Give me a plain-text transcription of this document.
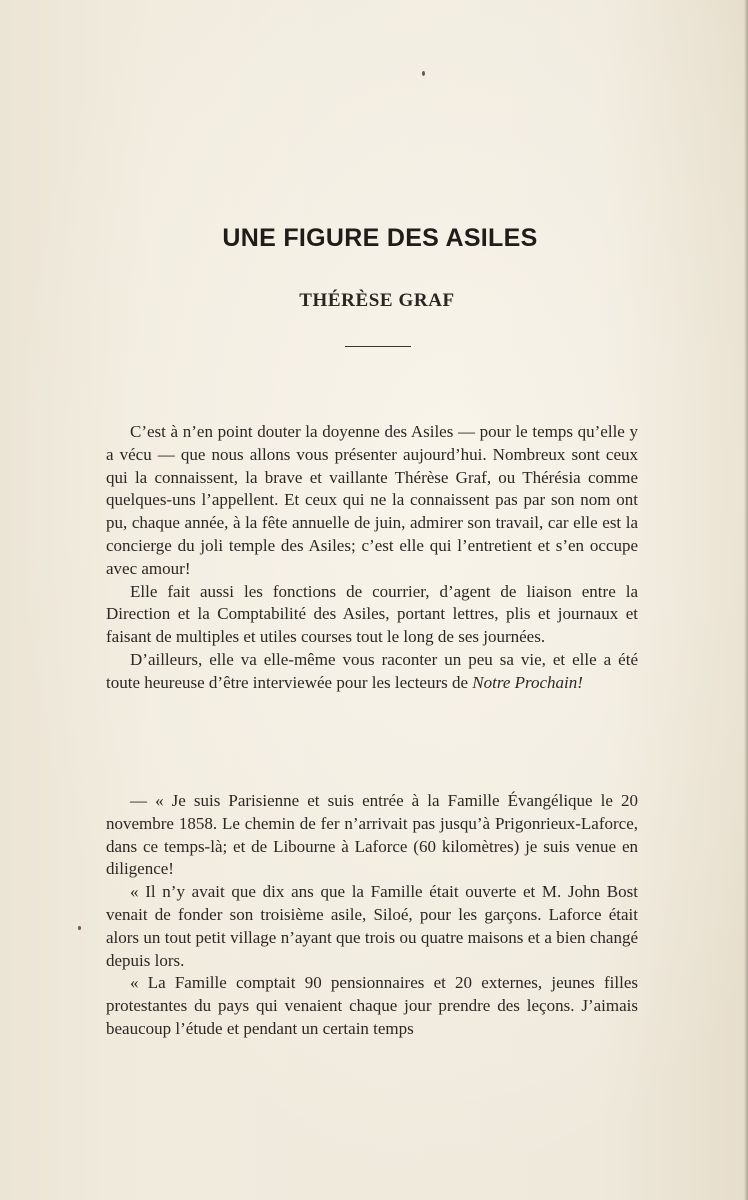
UNE FIGURE DES ASILES
THÉRÈSE GRAF

C’est à n’en point douter la doyenne des Asiles — pour le temps qu’elle y a vécu — que nous allons vous présenter aujourd’hui. Nombreux sont ceux qui la connaissent, la brave et vaillante Thérèse Graf, ou Thérésia comme quelques-uns l’appellent. Et ceux qui ne la connaissent pas par son nom ont pu, chaque année, à la fête annuelle de juin, admirer son travail, car elle est la concierge du joli temple des Asiles; c’est elle qui l’entretient et s’en occupe avec amour!

Elle fait aussi les fonctions de courrier, d’agent de liaison entre la Direction et la Comptabilité des Asiles, portant lettres, plis et journaux et faisant de multiples et utiles courses tout le long de ses journées.

D’ailleurs, elle va elle-même vous raconter un peu sa vie, et elle a été toute heureuse d’être interviewée pour les lecteurs de Notre Prochain!

— « Je suis Parisienne et suis entrée à la Famille Évangélique le 20 novembre 1858. Le chemin de fer n’arrivait pas jusqu’à Prigonrieux-Laforce, dans ce temps-là; et de Libourne à Laforce (60 kilomètres) je suis venue en diligence!

« Il n’y avait que dix ans que la Famille était ouverte et M. John Bost venait de fonder son troisième asile, Siloé, pour les garçons. Laforce était alors un tout petit village n’ayant que trois ou quatre maisons et a bien changé depuis lors.

« La Famille comptait 90 pensionnaires et 20 externes, jeunes filles protestantes du pays qui venaient chaque jour prendre des leçons. J’aimais beaucoup l’étude et pendant un certain temps
